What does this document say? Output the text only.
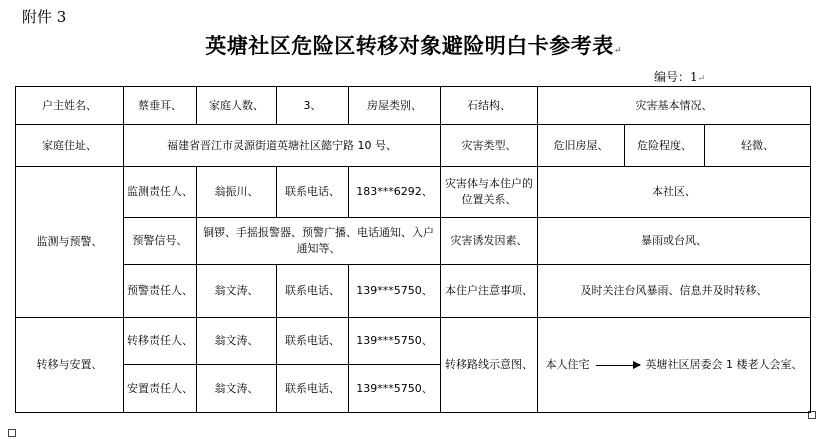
附件 3
英塘社区危险区转移对象避险明白卡参考表↵
编号：1↵
户主姓名、	蔡垂耳、	家庭人数、	3、	房屋类别、	石结构、	灾害基本情况、		
家庭住址、	福建省晋江市灵源街道英塘社区懿宁路 10 号、				灾害类型、	危旧房屋、	危险程度、	轻微、
监测与预警、	监测责任人、	翁振川、	联系电话、	183***6292、	灾害体与本住户的位置关系、	本社区、		
	预警信号、	铜锣、手摇报警器、预警广播、电话通知、入户通知等、			灾害诱发因素、	暴雨或台风、		
	预警责任人、	翁文涛、	联系电话、	139***5750、	本住户注意事项、	及时关注台风暴雨、信息并及时转移、		
转移与安置、	转移责任人、	翁文涛、	联系电话、	139***5750、	转移路线示意图、	本人住宅 英塘社区居委会 1 楼老人会室、		

	安置责任人、	翁文涛、	联系电话、	139***5750、				
